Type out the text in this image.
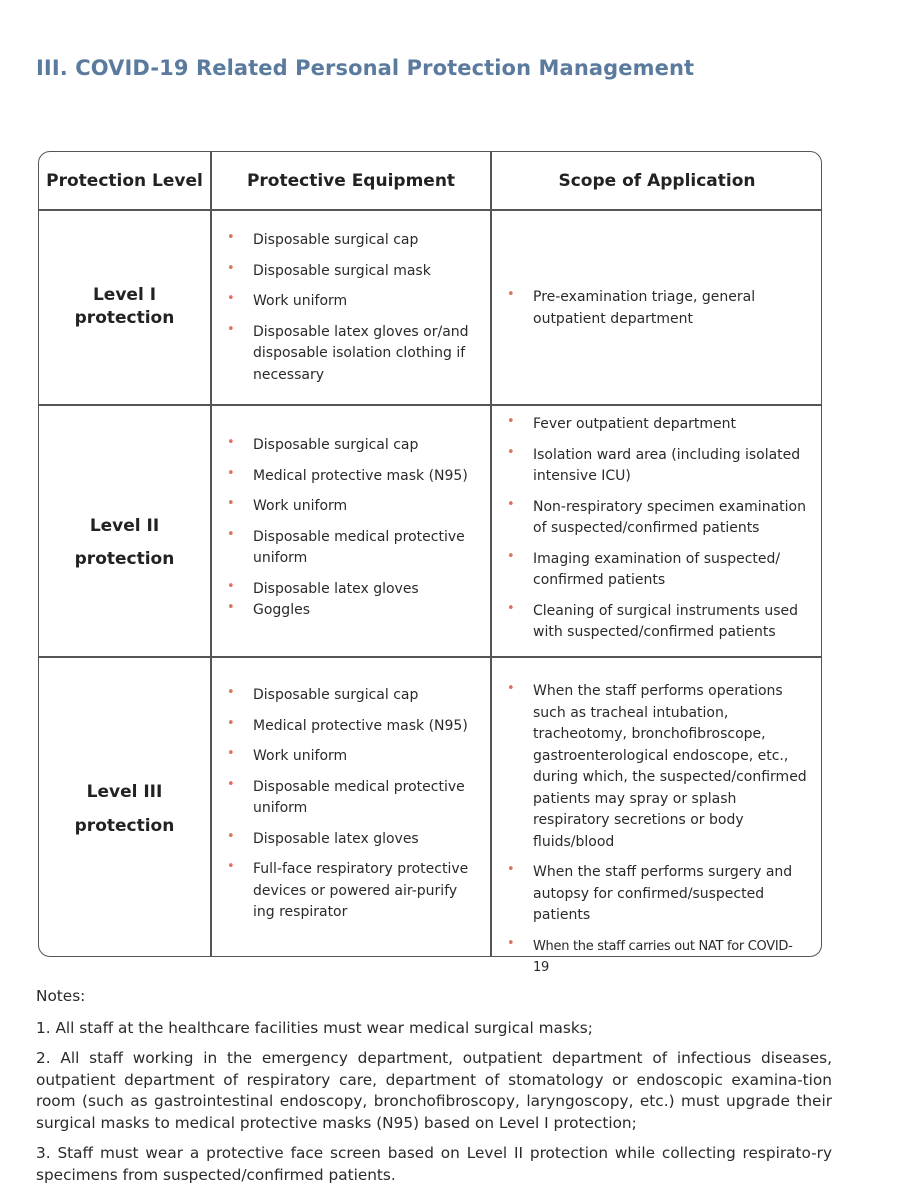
III. COVID-19 Related Personal Protection Management
Protection Level	Protective Equipment	Scope of Application
Level I
protection
• Disposable surgical cap
• Disposable surgical mask
• Work uniform
• Disposable latex gloves or/and disposable isolation clothing if necessary
• Pre-examination triage, general outpatient department
Level II
protection
• Disposable surgical cap
• Medical protective mask (N95)
• Work uniform
• Disposable medical protective uniform
• Disposable latex gloves
• Goggles
• Fever outpatient department
• Isolation ward area (including isolated intensive ICU)
• Non-respiratory specimen examination of suspected/confirmed patients
• Imaging examination of suspected/ confirmed patients
• Cleaning of surgical instruments used with suspected/confirmed patients
Level III
protection
• Disposable surgical cap
• Medical protective mask (N95)
• Work uniform
• Disposable medical protective uniform
• Disposable latex gloves
• Full-face respiratory protective devices or powered air-purify ing respirator
• When the staff performs operations such as tracheal intubation, tracheotomy, bronchofibroscope, gastroenterological endoscope, etc., during which, the suspected/confirmed patients may spray or splash respiratory secretions or body fluids/blood
• When the staff performs surgery and autopsy for confirmed/suspected patients
• When the staff carries out NAT for COVID-19

Notes:

1. All staff at the healthcare facilities must wear medical surgical masks;

2. All staff working in the emergency department, outpatient department of infectious diseases, outpatient department of respiratory care, department of stomatology or endoscopic examina-tion room (such as gastrointestinal endoscopy, bronchofibroscopy, laryngoscopy, etc.) must upgrade their surgical masks to medical protective masks (N95) based on Level I protection;

3. Staff must wear a protective face screen based on Level II protection while collecting respirato-ry specimens from suspected/confirmed patients.
